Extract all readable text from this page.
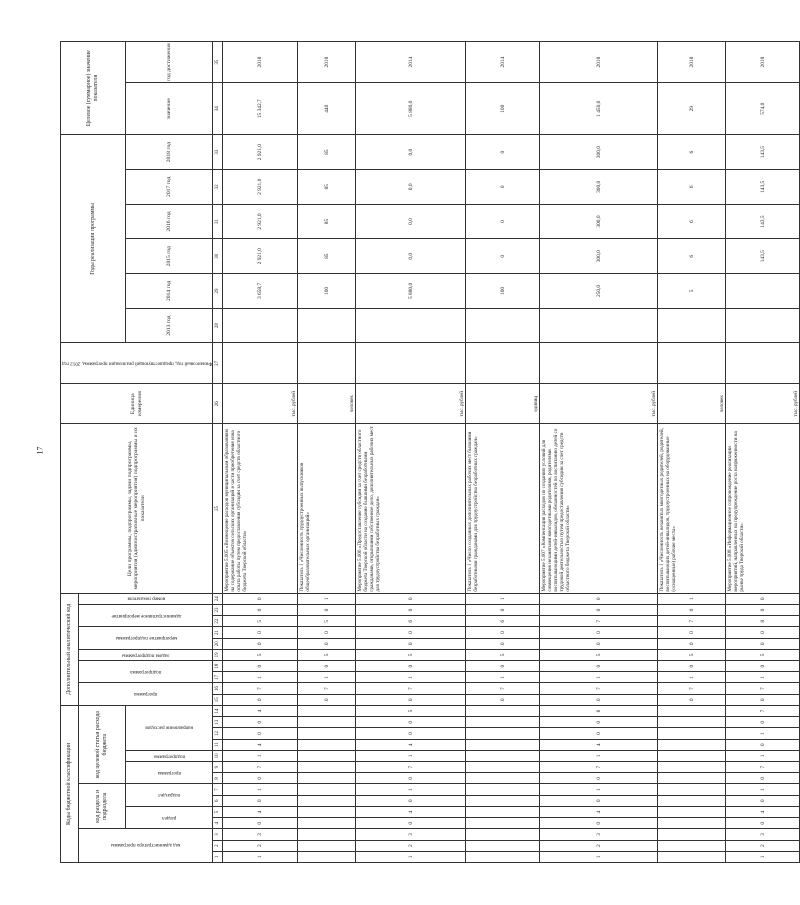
17
Коды бюджетной классификации														Дополнительный аналитический код										Цели программы, подпрограммы, задачи подпрограммы, мероприятия (административные мероприятия) подпрограммы и их показатели	Единица измерения	Финансовый год, предшествующий реализации программы, 2012 год	Годы реализации программы						Целевое (суммарное) значение показателя	
код администратора программы			код раздела и подраздела				код целевой статьи расхода бюджета							программа		подпрограмма		задача подпрограммы	мероприятие подпрограммы		административное мероприятие		номер показателя											
			раздел		подраздел		программа		подпрограмма	направление расходов																	2013 год	2014 год	2015 год	2016 год	2017 год	2018 год	значение	год достижения

1	2	3	4	5	6	7	8	9	10	11	12	13	14	15	16	17	18	19	20	21	22	23	24	25	26	27	28	29	30	31	32	33	34	35
1	2	3	0	4	0	1	0	7	1	4	0	0	4	0	7	1	0	5	0	0	5	0	0	Мероприятие 5.005 «Возмещение расходов муниципальным образованиям на содержание объектов сельских организаций в части приобретения изна опыта работы путем предоставления субсидии за счет средств областного бюджета Тверской области»	тыс. рублей			3 658,7	2 921,0	2 921,0	2 921,0	2 921,0	15 342,7	2018
														0	7	1	0	5	0	0	5	0	1	Показатель 1 «Численность трудоустроенных выпускников общеобразовательных организаций»	человек			100	85	85	85	85	440	2018
1	2	3	0	4	0	1	0	7	1	4	0	0	5	0	7	1	0	5	0	0	6	0	0	Мероприятие 5.006 «Предоставление субсидии за счет средств областного бюджета Тверской области на создание бывшими безработными гражданами, открывшими собственное дело, дополнительных рабочих мест для трудоустройства безработных граждан»	тыс. рублей			5 880,0	0,0	0,0	0,0	0,0	5 880,0	2014
														0	7	1	0	5	0	0	6	0	1	Показатель 1 «Число созданных дополнительных рабочих мест бывшими безработными гражданами для трудоустройства безработных граждан»	единиц			100	0	0	0	0	100	2014
1	2	3	0	4	0	1	0	7	1	4	0	0	6	0	7	1	0	5	0	0	7	0	0	Мероприятие 5.007 «Компенсация расходов по созданию условий для совмещения незанятыми многодетными родителями, родителями воспитывающими детей-инвалидов, обязанностей по воспитанию детей со трудовой деятельностью путем предоставления субсидии за счет средств областного бюджета Тверской области»	тыс. рублей			250,0	300,0	300,0	300,0	300,0	1 450,0	2018
														0	7	1	0	5	0	0	7	0	1	Показатель 1 «Численность незанятых многодетных родителей, родителей, воспитывающих детей-инвалидов, трудоустроенных на оборудованные (оснащенные) рабочие места»	человек			5	6	6	6	6	29	2018
1	2	3	0	4	0	1	0	7	1	0	1	0	7	0	7	1	0	5	0	0	8	0	0	Мероприятие 5.008 «Информационное сопровождение реализации мероприятий, направленных на предупреждение роста напряженности на рынке труда Тверской области»	тыс. рублей				143,5	143,5	143,5	143,5	574,0	2018
